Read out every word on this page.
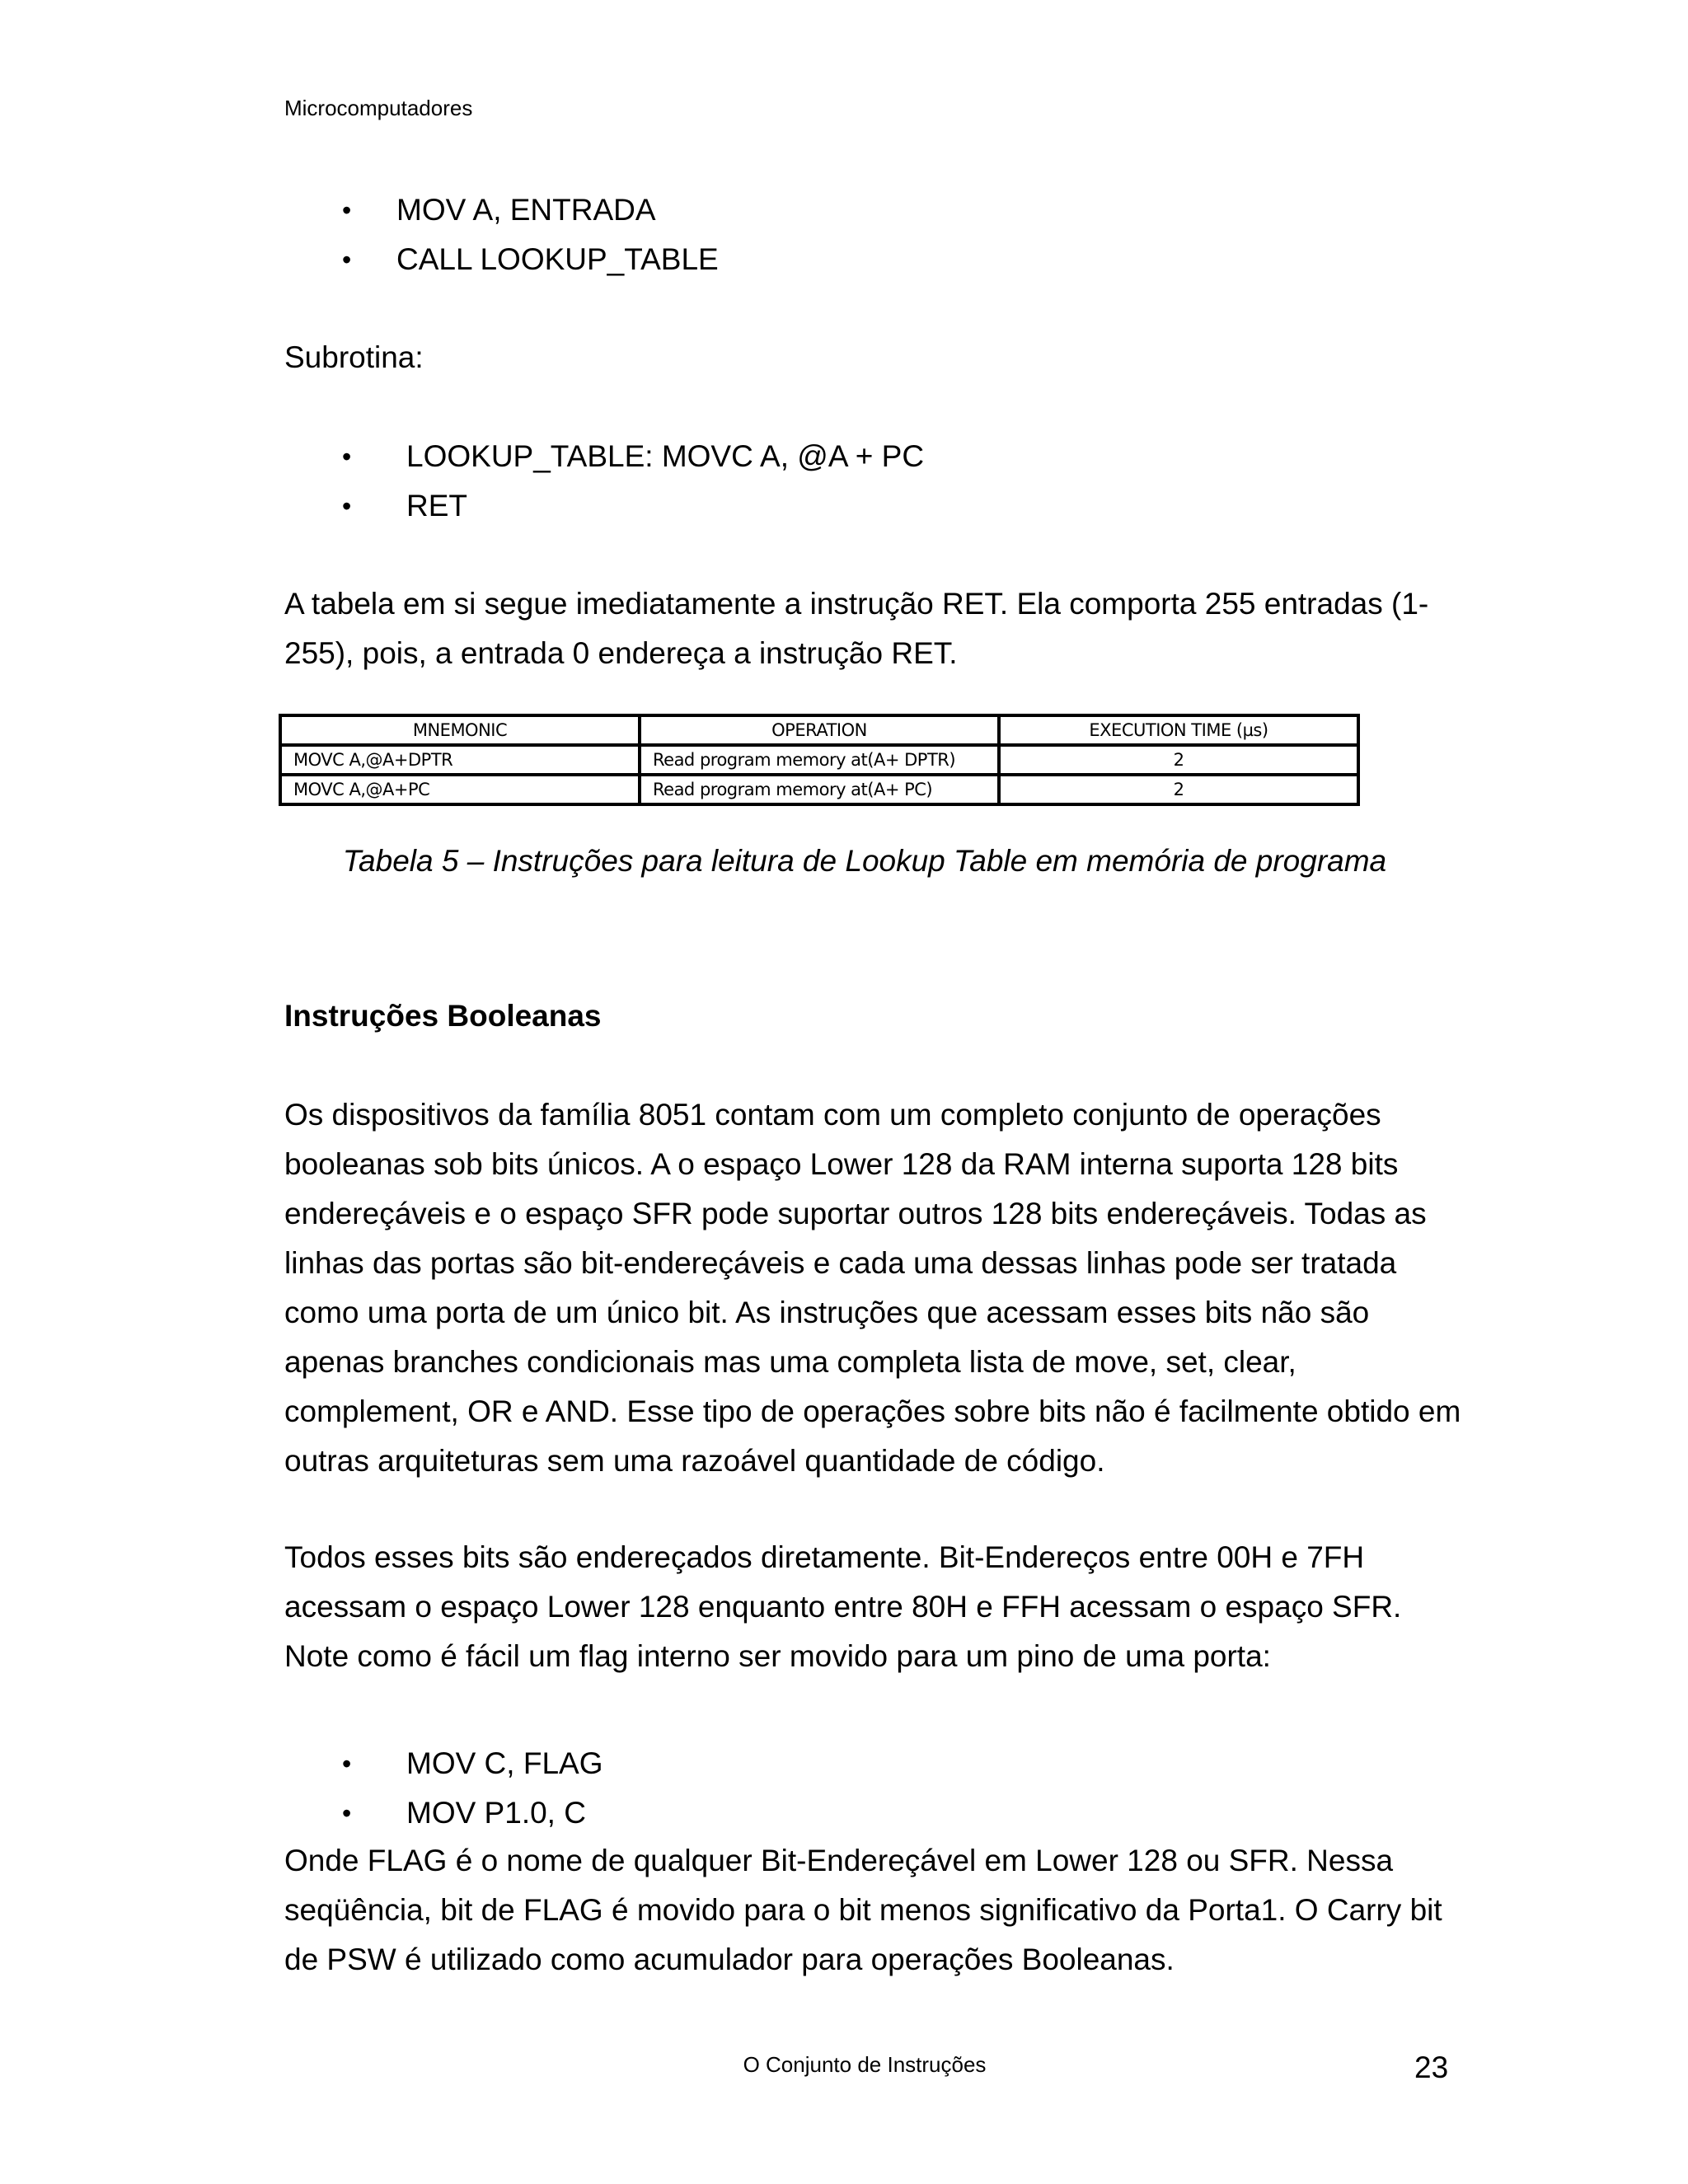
Microcomputadores

• MOV A, ENTRADA
• CALL LOOKUP_TABLE

Subrotina:

• LOOKUP_TABLE: MOVC A, @A + PC
• RET

A tabela em si segue imediatamente a instrução RET. Ela comporta 255 entradas (1-
255), pois, a entrada 0 endereça a instrução RET.

MNEMONIC	OPERATION	EXECUTION TIME (µs)
MOVC A,@A+DPTR	Read program memory at(A+ DPTR)	2
MOVC A,@A+PC	Read program memory at(A+ PC)	2

Tabela 5 – Instruções para leitura de Lookup Table em memória de programa

Instruções Booleanas

Os dispositivos da família 8051 contam com um completo conjunto de operações
booleanas sob bits únicos. A o espaço Lower 128 da RAM interna suporta 128 bits
endereçáveis e o espaço SFR pode suportar outros 128 bits endereçáveis. Todas as
linhas das portas são bit-endereçáveis e cada uma dessas linhas pode ser tratada
como uma porta de um único bit. As instruções que acessam esses bits não são
apenas branches condicionais mas uma completa lista de move, set, clear,
complement, OR e AND. Esse tipo de operações sobre bits não é facilmente obtido em
outras arquiteturas sem uma razoável quantidade de código.

Todos esses bits são endereçados diretamente. Bit-Endereços entre 00H e 7FH
acessam o espaço Lower 128 enquanto entre 80H e FFH acessam o espaço SFR.
Note como é fácil um flag interno ser movido para um pino de uma porta:

• MOV C, FLAG
• MOV P1.0, C

Onde FLAG é o nome de qualquer Bit-Endereçável em Lower 128 ou SFR. Nessa
seqüência, bit de FLAG é movido para o bit menos significativo da Porta1. O Carry bit
de PSW é utilizado como acumulador para operações Booleanas.

O Conjunto de Instruções	23
